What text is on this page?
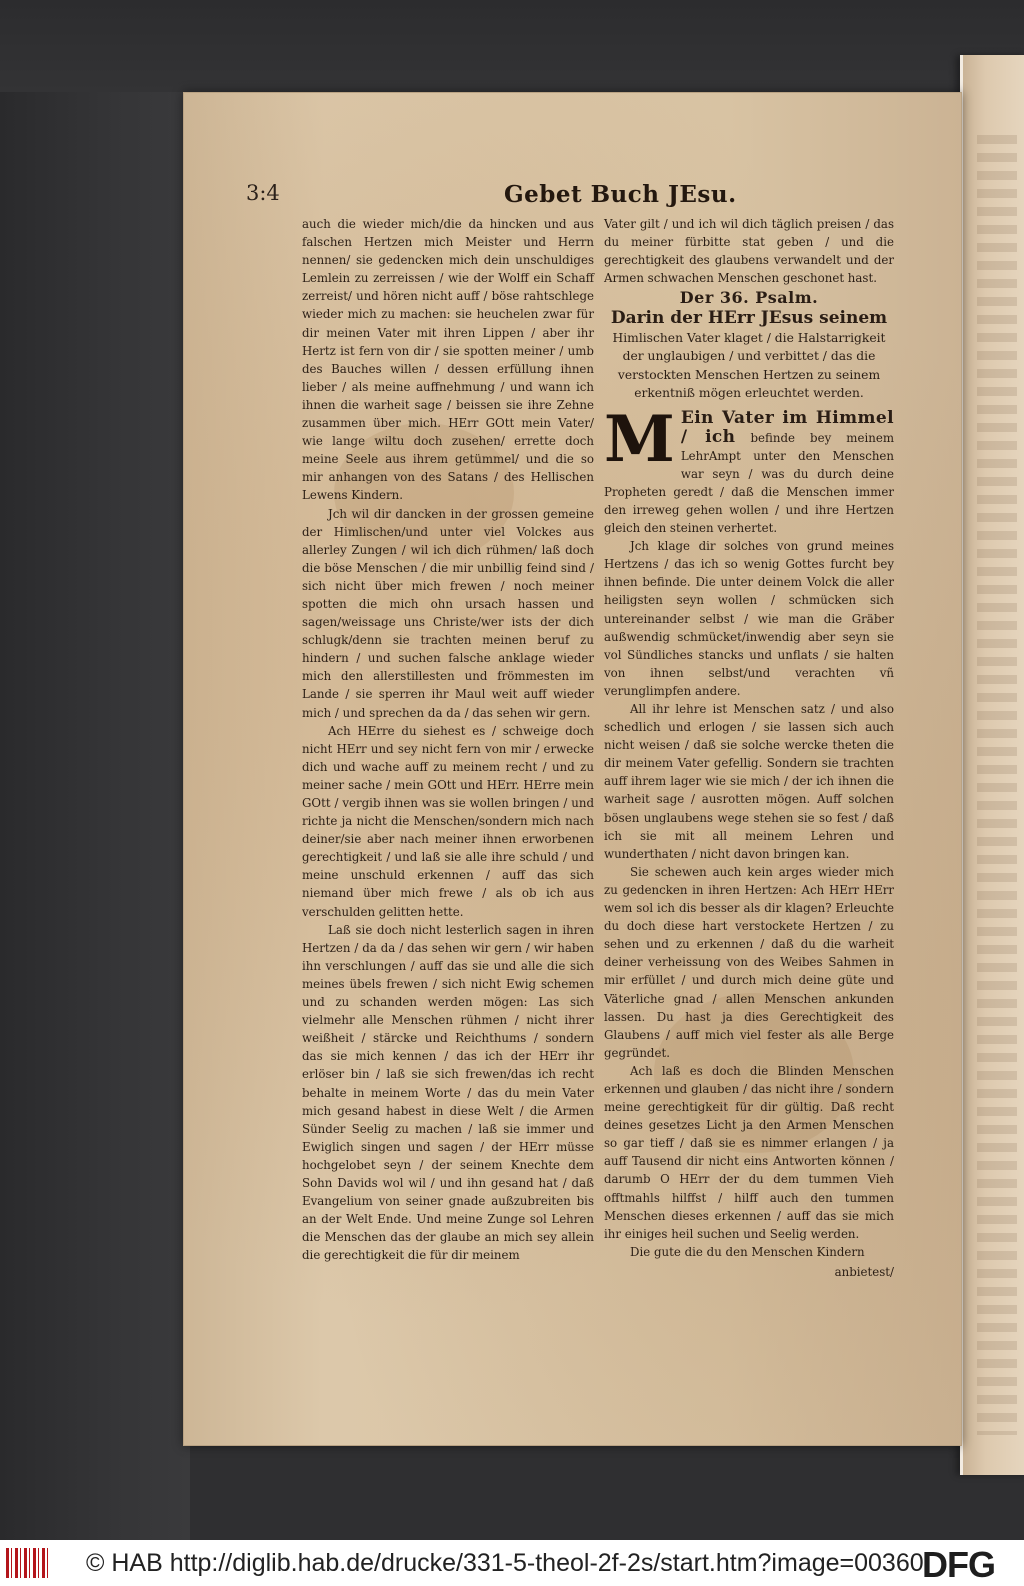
3:4	Gebet Buch JEsu.

auch die wieder mich/die da hincken und aus falschen Hertzen mich Meister und Herrn nennen/ sie gedencken mich dein unschuldiges Lemlein zu zerreissen / wie der Wolff ein Schaff zerreist/ und hören nicht auff / böse rahtschlege wieder mich zu machen: sie heuchelen zwar für dir meinen Vater mit ihren Lippen / aber ihr Hertz ist fern von dir / sie spotten meiner / umb des Bauches willen / dessen erfüllung ihnen lieber / als meine auffnehmung / und wann ich ihnen die warheit sage / beissen sie ihre Zehne zusammen über mich. HErr GOtt mein Vater/ wie lange wiltu doch zusehen/ errette doch meine Seele aus ihrem getümmel/ und die so mir anhangen von des Satans / des Hellischen Lewens Kindern.

Jch wil dir dancken in der grossen gemeine der Himlischen/und unter viel Volckes aus allerley Zungen / wil ich dich rühmen/ laß doch die böse Menschen / die mir unbillig feind sind / sich nicht über mich frewen / noch meiner spotten die mich ohn ursach hassen und sagen/weissage uns Christe/wer ists der dich schlugk/denn sie trachten meinen beruf zu hindern / und suchen falsche anklage wieder mich den allerstillesten und frömmesten im Lande / sie sperren ihr Maul weit auff wieder mich / und sprechen da da / das sehen wir gern.

Ach HErre du siehest es / schweige doch nicht HErr und sey nicht fern von mir / erwecke dich und wache auff zu meinem recht / und zu meiner sache / mein GOtt und HErr. HErre mein GOtt / vergib ihnen was sie wollen bringen / und richte ja nicht die Menschen/sondern mich nach deiner/sie aber nach meiner ihnen erworbenen gerechtigkeit / und laß sie alle ihre schuld / und meine unschuld erkennen / auff das sich niemand über mich frewe / als ob ich aus verschulden gelitten hette.

Laß sie doch nicht lesterlich sagen in ihren Hertzen / da da / das sehen wir gern / wir haben ihn verschlungen / auff das sie und alle die sich meines übels frewen / sich nicht Ewig schemen und zu schanden werden mögen: Las sich vielmehr alle Menschen rühmen / nicht ihrer weißheit / stärcke und Reichthums / sondern das sie mich kennen / das ich der HErr ihr erlöser bin / laß sie sich frewen/das ich recht behalte in meinem Worte / das du mein Vater mich gesand habest in diese Welt / die Armen Sünder Seelig zu machen / laß sie immer und Ewiglich singen und sagen / der HErr müsse hochgelobet seyn / der seinem Knechte dem Sohn Davids wol wil / und ihn gesand hat / daß Evangelium von seiner gnade außzubreiten bis an der Welt Ende. Und meine Zunge sol Lehren die Menschen das der glaube an mich sey allein die gerechtigkeit die für dir meinem

Vater gilt / und ich wil dich täglich preisen / das du meiner fürbitte stat geben / und die gerechtigkeit des glaubens verwandelt und der Armen schwachen Menschen geschonet hast.

Der 36. Psalm.
Darin der HErr JEsus seinem Himlischen Vater klaget / die Halstarrigkeit der unglaubigen / und verbittet / das die verstockten Menschen Hertzen zu seinem erkentniß mögen erleuchtet werden.
M Ein Vater im Himmel / ich befinde bey meinem LehrAmpt unter den Menschen war seyn / was du durch deine Propheten geredt / daß die Menschen immer den irreweg gehen wollen / und ihre Hertzen gleich den steinen verhertet.

Jch klage dir solches von grund meines Hertzens / das ich so wenig Gottes furcht bey ihnen befinde. Die unter deinem Volck die aller heiligsten seyn wollen / schmücken sich untereinander selbst / wie man die Gräber außwendig schmücket/inwendig aber seyn sie vol Sündliches stancks und unflats / sie halten von ihnen selbst/und verachten vñ verunglimpfen andere.

All ihr lehre ist Menschen satz / und also schedlich und erlogen / sie lassen sich auch nicht weisen / daß sie solche wercke theten die dir meinem Vater gefellig. Sondern sie trachten auff ihrem lager wie sie mich / der ich ihnen die warheit sage / ausrotten mögen. Auff solchen bösen unglaubens wege stehen sie so fest / daß ich sie mit all meinem Lehren und wunderthaten / nicht davon bringen kan.

Sie schewen auch kein arges wieder mich zu gedencken in ihren Hertzen: Ach HErr HErr wem sol ich dis besser als dir klagen? Erleuchte du doch diese hart verstockete Hertzen / zu sehen und zu erkennen / daß du die warheit deiner verheissung von des Weibes Sahmen in mir erfüllet / und durch mich deine güte und Väterliche gnad / allen Menschen ankunden lassen. Du hast ja dies Gerechtigkeit des Glaubens / auff mich viel fester als alle Berge gegründet.

Ach laß es doch die Blinden Menschen erkennen und glauben / das nicht ihre / sondern meine gerechtigkeit für dir gültig. Daß recht deines gesetzes Licht ja den Armen Menschen so gar tieff / daß sie es nimmer erlangen / ja auff Tausend dir nicht eins Antworten können / darumb O HErr der du dem tummen Vieh offtmahls hilffst / hilff auch den tummen Menschen dieses erkennen / auff das sie mich ihr einiges heil suchen und Seelig werden.

Die gute die du den Menschen Kindern

anbietest/
© HAB http://diglib.hab.de/drucke/331-5-theol-2f-2s/start.htm?image=00360
DFG
